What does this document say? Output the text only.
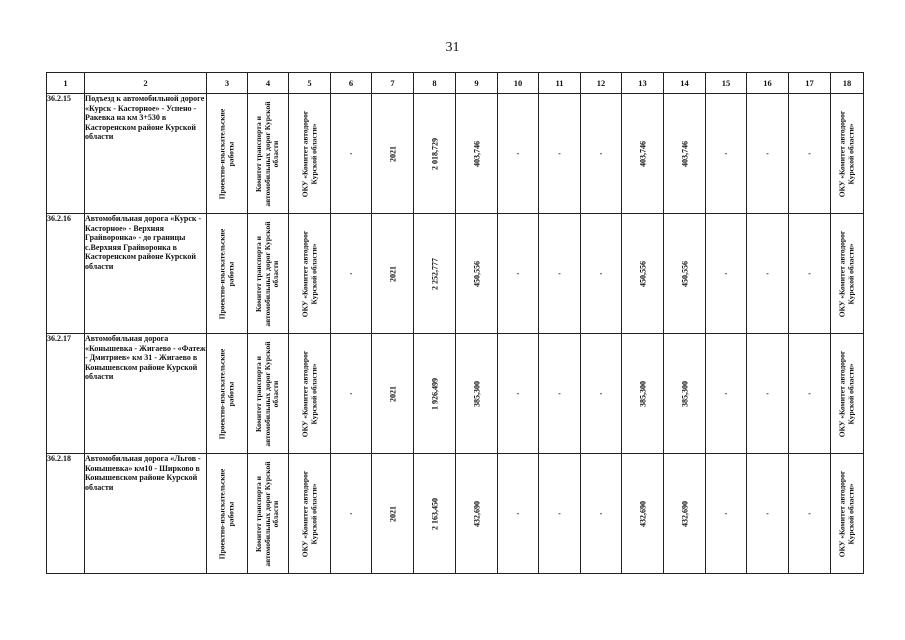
31
1	2	3	4	5	6	7	8	9	10	11	12	13	14	15	16	17	18
36.2.15	Подъезд к автомобильной дороге «Курск - Касторное» - Успено - Ракевка на км 3+530 в Касторенском районе Курской области	Проектно-изыскательские работы	Комитет транспорта и автомобильных дорог Курской области	ОКУ «Комитет автодорог Курской области»	-	2021	2 018,729	403,746	-	-	-	403,746	403,746	-	-	-	ОКУ «Комитет автодорог Курской области»

36.2.16	Автомобильная дорога «Курск - Касторное» - Верхняя Грайворонка» - до границы с.Верхняя Грайворонка в Касторенском районе Курской области	Проектно-изыскательские работы	Комитет транспорта и автомобильных дорог Курской области	ОКУ «Комитет автодорог Курской области»	-	2021	2 252,777	450,556	-	-	-	450,556	450,556	-	-	-	ОКУ «Комитет автодорог Курской области»

36.2.17	Автомобильная дорога «Конышевка - Жигаево - «Фатеж - Дмитриев» км 31 - Жигаево в Конышевском районе Курской области	Проектно-изыскательские работы	Комитет транспорта и автомобильных дорог Курской области	ОКУ «Комитет автодорог Курской области»	-	2021	1 926,499	385,300	-	-	-	385,300	385,300	-	-	-	ОКУ «Комитет автодорог Курской области»

36.2.18	Автомобильная дорога «Льгов - Конышевка» км10 - Ширково в Конышевском районе Курской области	Проектно-изыскательские работы	Комитет транспорта и автомобильных дорог Курской области	ОКУ «Комитет автодорог Курской области»	-	2021	2 163,450	432,690	-	-	-	432,690	432,690	-	-	-	ОКУ «Комитет автодорог Курской области»
